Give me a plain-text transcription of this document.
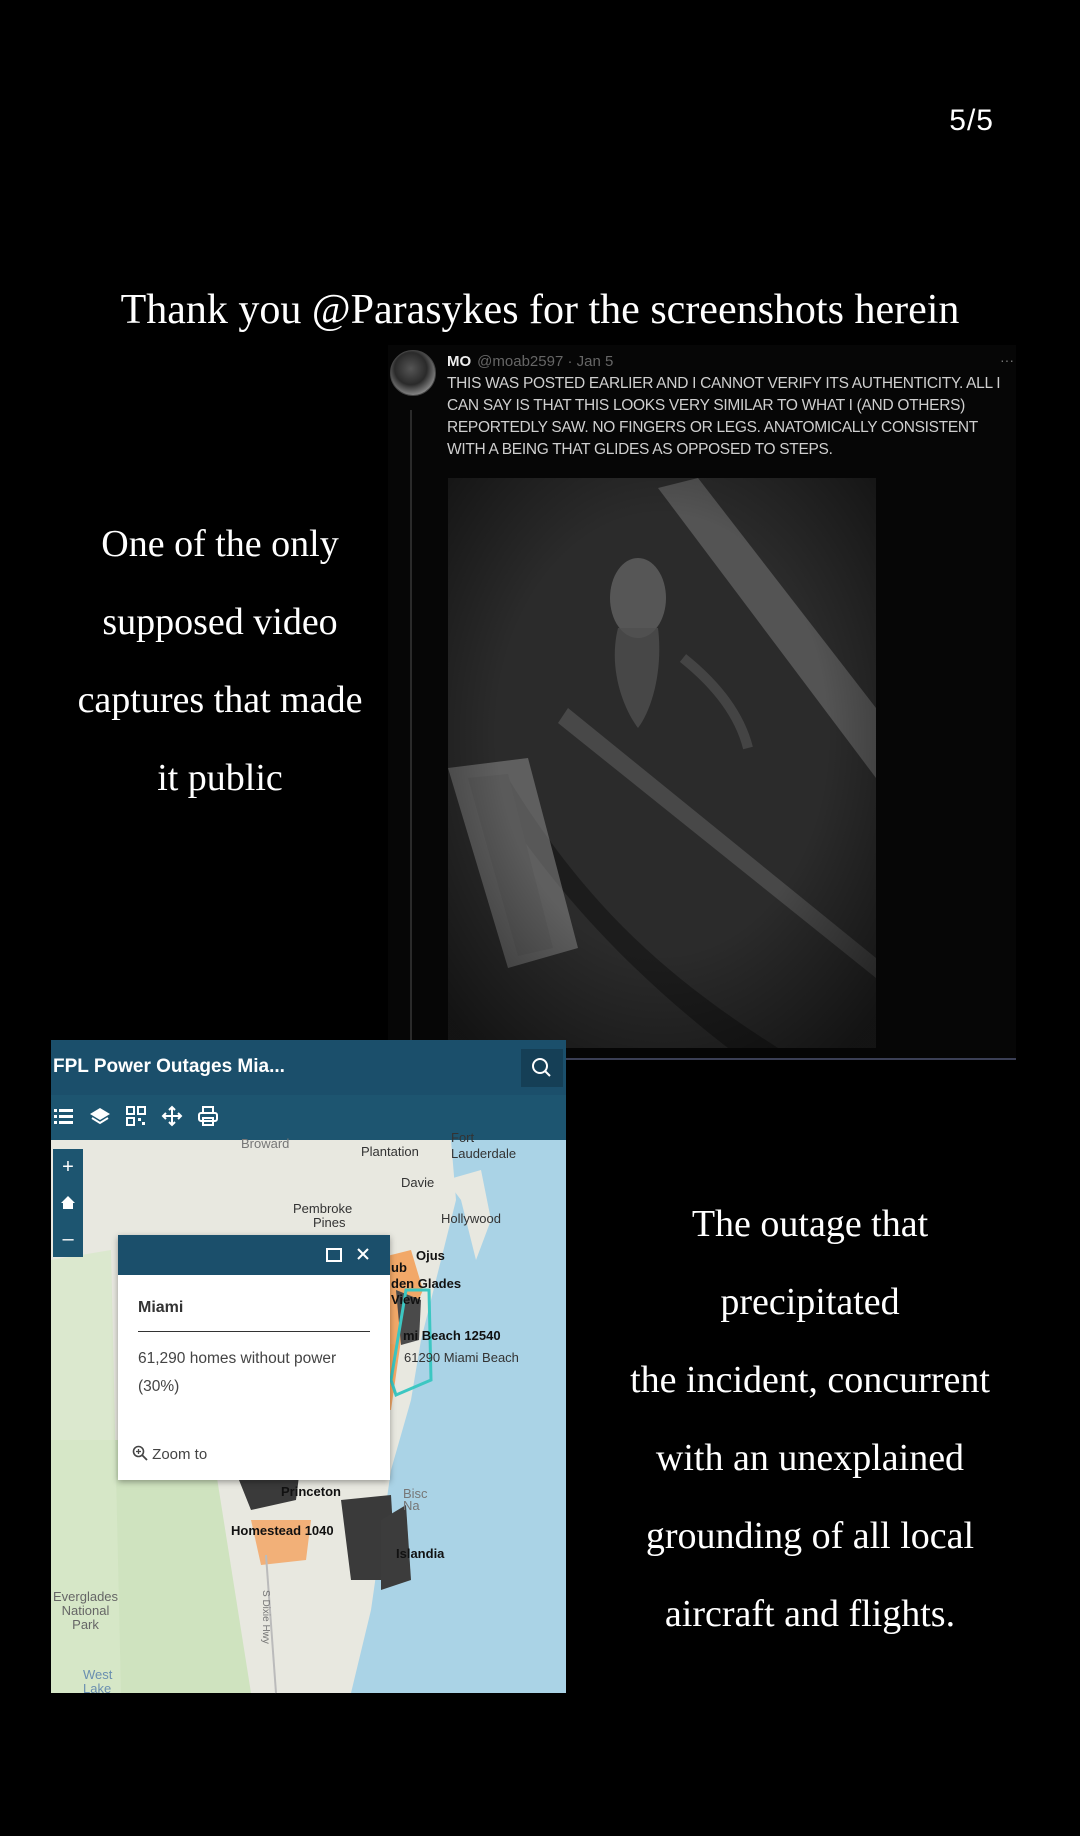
5/5
Thank you @Parasykes for the screenshots herein
One of the only
supposed video
captures that made
it public
The outage that
precipitated
the incident, concurrent
with an unexplained
grounding of all local
aircraft and flights.
MO @moab2597 · Jan 5	···
THIS WAS POSTED EARLIER AND I CANNOT VERIFY ITS AUTHENTICITY. ALL I CAN SAY IS THAT THIS LOOKS VERY SIMILAR TO WHAT I (AND OTHERS) REPORTEDLY SAW. NO FINGERS OR LEGS. ANATOMICALLY CONSISTENT WITH A BEING THAT GLIDES AS OPPOSED TO STEPS.
FPL Power Outages Mia...
Broward
Plantation
Fort
Lauderdale
Davie
Pembroke
Pines	Hollywood
Ojus
ub
den Glades
View
mi Beach 12540
61290 Miami Beach
Princeton
Homestead 1040
Islandia
Bisc
Na
Everglades
National
Park
West
Lake
S Dixie Hwy
+
–
Miami
61,290 homes without power (30%)
Zoom to
